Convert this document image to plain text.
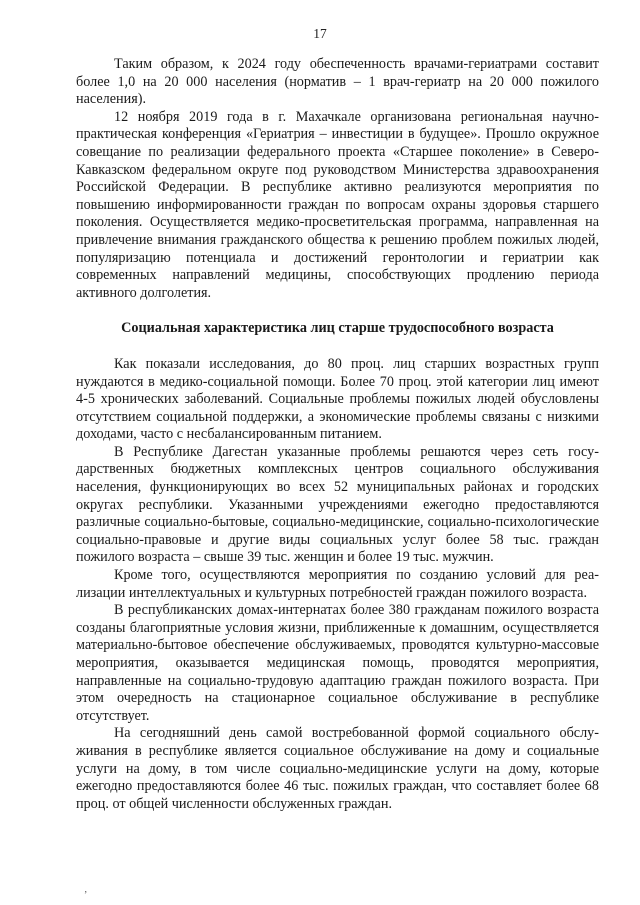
17

Таким образом, к 2024 году обеспеченность врачами-гериатрами составит более 1,0 на 20 000 населения (норматив – 1 врач-гериатр на 20 000 пожилого населения).

12 ноября 2019 года в г. Махачкале организована региональная научно-практическая конференция «Гериатрия – инвестиции в будущее». Прошло окружное совещание по реализации федерального проекта «Старшее поколение» в Северо-Кавказском федеральном округе под руководством Министерства здравоохранения Российской Федерации. В республике активно реализуются мероприятия по повышению информированности граждан по вопросам охраны здоровья старшего поколения. Осуществляется медико-просветительская программа, направленная на привлечение внимания гражданского общества к решению проблем пожилых людей, популяризацию потенциала и достижений геронтологии и гериатрии как современных направлений медицины, способствующих продлению периода активного долголетия.

Социальная характеристика лиц старше трудоспособного возраста

Как показали исследования, до 80 проц. лиц старших возрастных групп нуждаются в медико-социальной помощи. Более 70 проц. этой категории лиц имеют 4-5 хронических заболеваний. Социальные проблемы пожилых людей обусловлены отсутствием социальной поддержки, а экономические проблемы связаны с низкими доходами, часто с несбалансированным питанием.

В Республике Дагестан указанные проблемы решаются через сеть государственных бюджетных комплексных центров социального обслуживания населения, функционирующих во всех 52 муниципальных районах и городских округах республики. Указанными учреждениями ежегодно предоставляются различные социально-бытовые, социально-медицинские, социально-психологические социально-правовые и другие виды социальных услуг более 58 тыс. граждан пожилого возраста – свыше 39 тыс. женщин и более 19 тыс. мужчин.

Кроме того, осуществляются мероприятия по созданию условий для реализации интеллектуальных и культурных потребностей граждан пожилого возраста.

В республиканских домах-интернатах более 380 гражданам пожилого возраста созданы благоприятные условия жизни, приближенные к домашним, осуществляется материально-бытовое обеспечение обслуживаемых, проводятся культурно-массовые мероприятия, оказывается медицинская помощь, проводятся мероприятия, направленные на социально-трудовую адаптацию граждан пожилого возраста. При этом очередность на стационарное социальное обслуживание в республике отсутствует.

На сегодняшний день самой востребованной формой социального обслуживания в республике является социальное обслуживание на дому и социальные услуги на дому, в том числе социально-медицинские услуги на дому, которые ежегодно предоставляются более 46 тыс. пожилых граждан, что составляет более 68 проц. от общей численности обслуженных граждан.

‚
